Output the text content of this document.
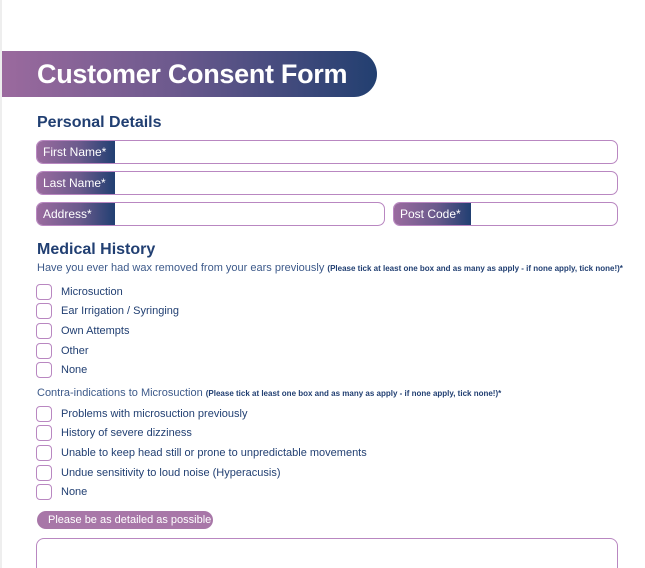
Customer Consent Form
Personal Details
First Name*
Last Name*
Address*	Post Code*
Medical History
Have you ever had wax removed from your ears previously (Please tick at least one box and as many as apply - if none apply, tick none!)*
Microsuction
Ear Irrigation / Syringing
Own Attempts
Other
None
Contra-indications to Microsuction (Please tick at least one box and as many as apply - if none apply, tick none!)*
Problems with microsuction previously
History of severe dizziness
Unable to keep head still or prone to unpredictable movements
Undue sensitivity to loud noise (Hyperacusis)
None
Please be as detailed as possible
